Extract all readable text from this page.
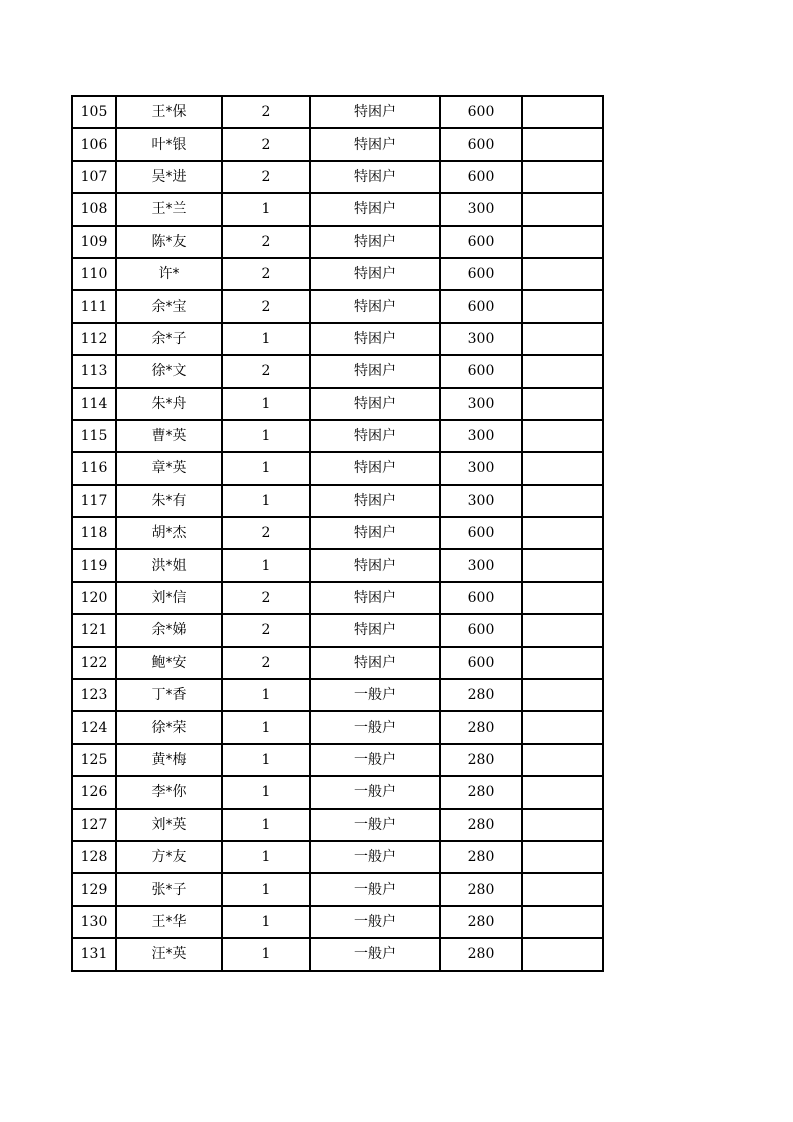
105	王*保	2	特困户	600	
106	叶*银	2	特困户	600	
107	吴*进	2	特困户	600	
108	王*兰	1	特困户	300	
109	陈*友	2	特困户	600	
110	许*	2	特困户	600	
111	余*宝	2	特困户	600	
112	余*子	1	特困户	300	
113	徐*文	2	特困户	600	
114	朱*舟	1	特困户	300	
115	曹*英	1	特困户	300	
116	章*英	1	特困户	300	
117	朱*有	1	特困户	300	
118	胡*杰	2	特困户	600	
119	洪*姐	1	特困户	300	
120	刘*信	2	特困户	600	
121	余*娣	2	特困户	600	
122	鲍*安	2	特困户	600	
123	丁*香	1	一般户	280	
124	徐*荣	1	一般户	280	
125	黄*梅	1	一般户	280	
126	李*你	1	一般户	280	
127	刘*英	1	一般户	280	
128	方*友	1	一般户	280	
129	张*子	1	一般户	280	
130	王*华	1	一般户	280	
131	汪*英	1	一般户	280	
